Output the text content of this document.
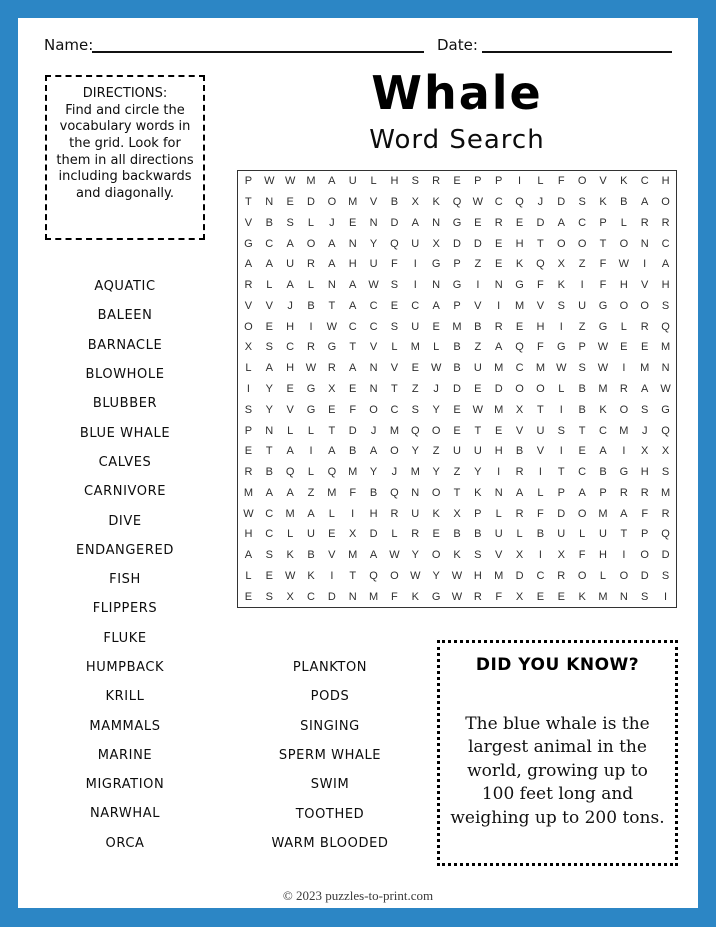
Name:	Date:
DIRECTIONS:
Find and circle the vocabulary words in the grid. Look for them in all directions including backwards and diagonally.
Whale
Word Search
P	W W	M	A	U	L	H	S	R	E	P	P	I	L	F	O	V	K	C	H
T	N	E	D	O	M	V	B	X	K	Q	W	C	Q	J	D	S	K	B	A	O
V	B	S	L	J	E	N	D	A	N	G	E	R	E	D	A	C	P	L	R	R
G	C	A	O	A	N	Y	Q	U	X	D	D	E	H	T	O	O	T	O	N	C
A	A	U	R	A	H	U	F	I	G	P	Z	E	K	Q	X	Z	F	W	I	A
R	L	A	L	N	A	W	S	I	N	G	I	N	G	F	K	I	F	H	V	H
V	V	J	B	T	A	C	E	C	A	P	V	I	M	V	S	U	G	O	O	S
O	E	H	I	W	C	C	S	U	E	M	B	R	E	H	I	Z	G	L	R	Q
X	S	C	R	G	T	V	L	M	L	B	Z	A	Q	F	G	P	W	E	E	M
L	A	H	W	R	A	N	V	E	W	B	U	M	C	M	W	S	W	I	M	N
I	Y	E	G	X	E	N	T	Z	J	D	E	D	O	O	L	B	M	R	A	W
S	Y	V	G	E	F	O	C	S	Y	E	W	M	X	T	I	B	K	O	S	G
P	N	L	L	T	D	J	M	Q	O	E	T	E	V	U	S	T	C	M	J	Q
E	T	A	I	A	B	A	O	Y	Z	U	U	H	B	V	I	E	A	I	X	X
R	B	Q	L	Q	M	Y	J	M	Y	Z	Y	I	R	I	T	C	B	G	H	S
M	A	A	Z	M	F	B	Q	N	O	T	K	N	A	L	P	A	P	R	R	M
W	C	M	A	L	I	H	R	U	K	X	P	L	R	F	D	O	M	A	F	R
H	C	L	U	E	X	D	L	R	E	B	B	U	L	B	U	L	U	T	P	Q
A	S	K	B	V	M	A	W	Y	O	K	S	V	X	I	X	F	H	I	O	D
L	E	W	K	I	T	Q	O	W	Y	W	H	M	D	C	R	O	L	O	D	S
E	S	X	C	D	N	M	F	K	G	W	R	F	X	E	E	K	M	N	S	I
AQUATIC
BALEEN
BARNACLE
BLOWHOLE
BLUBBER
BLUE WHALE
CALVES
CARNIVORE
DIVE
ENDANGERED
FISH
FLIPPERS
FLUKE
HUMPBACK
KRILL
MAMMALS
MARINE
MIGRATION
NARWHAL
ORCA
PLANKTON
PODS
SINGING
SPERM WHALE
SWIM
TOOTHED
WARM BLOODED
DID YOU KNOW?
The blue whale is the largest animal in the world, growing up to 100 feet long and weighing up to 200 tons.
© 2023 puzzles-to-print.com
